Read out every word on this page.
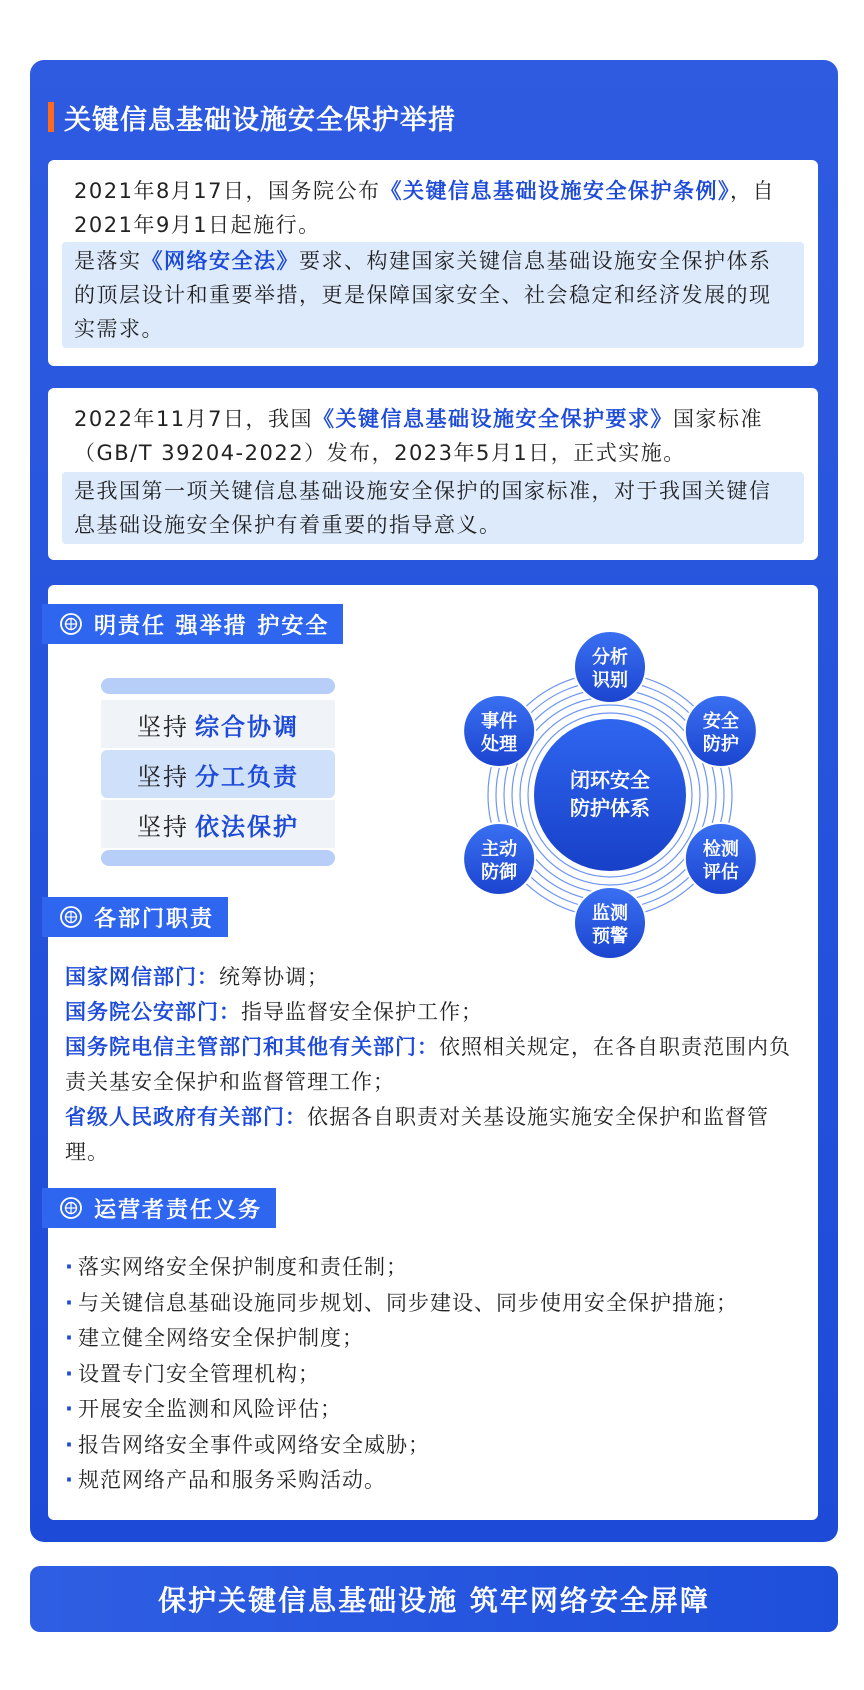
关键信息基础设施安全保护举措
2021年8月17日，国务院公布《关键信息基础设施安全保护条例》，自2021年9月1日起施行。
是落实《网络安全法》要求、构建国家关键信息基础设施安全保护体系的顶层设计和重要举措，更是保障国家安全、社会稳定和经济发展的现实需求。
2022年11月7日，我国《关键信息基础设施安全保护要求》国家标准（GB/T 39204-2022）发布，2023年5月1日，正式实施。
是我国第一项关键信息基础设施安全保护的国家标准，对于我国关键信息基础设施安全保护有着重要的指导意义。
明责任 强举措 护安全
坚持 综合协调
坚持 分工负责
坚持 依法保护
闭环安全
防护体系
分析
识别
安全
防护
检测
评估
监测
预警
主动
防御
事件
处理
各部门职责
国家网信部门：统筹协调；
国务院公安部门：指导监督安全保护工作；
国务院电信主管部门和其他有关部门：依照相关规定，在各自职责范围内负责关基安全保护和监督管理工作；
省级人民政府有关部门：依据各自职责对关基设施实施安全保护和监督管理。
运营者责任义务
· 落实网络安全保护制度和责任制；
· 与关键信息基础设施同步规划、同步建设、同步使用安全保护措施；
· 建立健全网络安全保护制度；
· 设置专门安全管理机构；
· 开展安全监测和风险评估；
· 报告网络安全事件或网络安全威胁；
· 规范网络产品和服务采购活动。
保护关键信息基础设施 筑牢网络安全屏障
